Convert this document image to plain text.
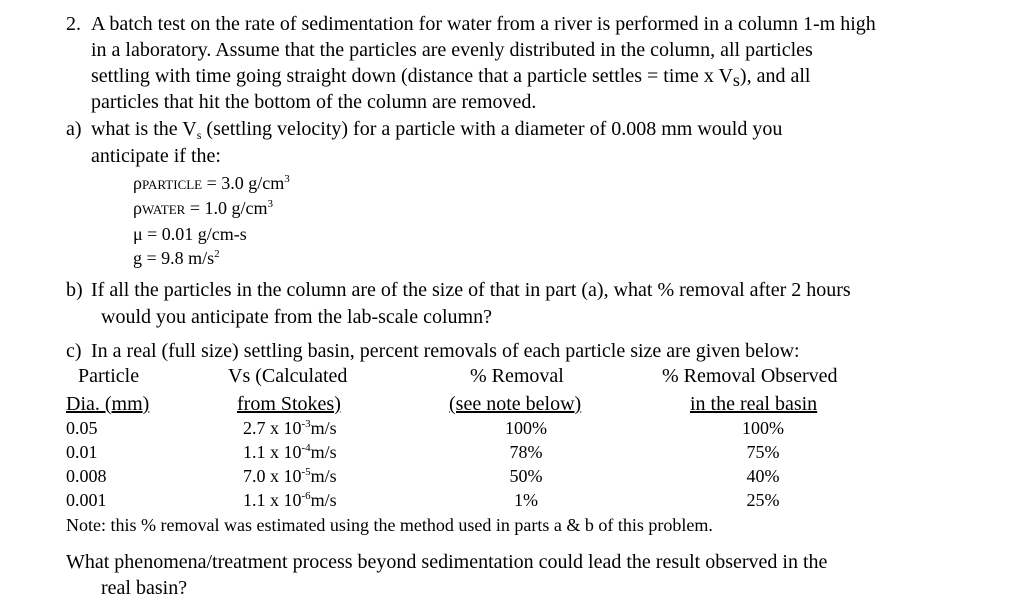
2. A batch test on the rate of sedimentation for water from a river is performed in a column 1-m high
in a laboratory. Assume that the particles are evenly distributed in the column, all particles
settling with time going straight down (distance that a particle settles = time x $V_s$), and all
particles that hit the bottom of the column are removed.
a) what is the $V_s$ (settling velocity) for a particle with a diameter of 0.008 mm would you
anticipate if the:
ρPARTICLE = 3.0 $g/cm^3$
ρWATER = 1.0 $g/cm^3$
μ = 0.01 g/cm-s
g = 9.8 $m/s^2$
b) If all the particles in the column are of the size of that in part (a), what % removal after 2 hours
would you anticipate from the lab-scale column?
c) In a real (full size) settling basin, percent removals of each particle size are given below:
Particle	Vs (Calculated	% Removal	% Removal Observed
Dia. (mm)	from Stokes)	(see note below)	in the real basin
0.05	2.7 x $10^{-3}m/s$	100%	100%
0.01	1.1 x $10^{-4}m/s$	78%	75%
0.008	7.0 x $10^{-5}m/s$	50%	40%
0.001	1.1 x $10^{-6}m/s$	1%	25%
Note: this % removal was estimated using the method used in parts a & b of this problem.
What phenomena/treatment process beyond sedimentation could lead the result observed in the
real basin?
